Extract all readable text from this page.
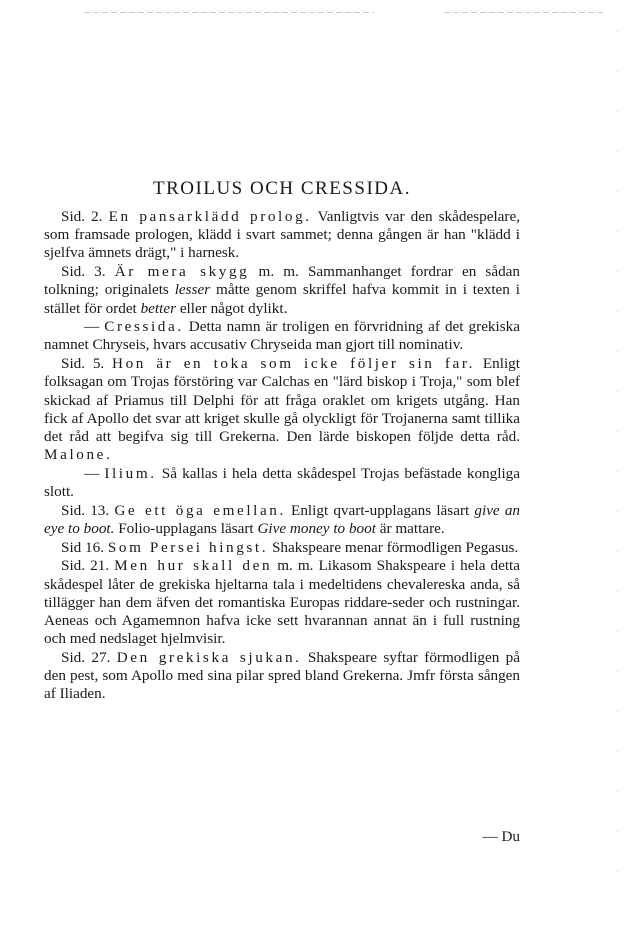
TROILUS OCH CRESSIDA.

Sid. 2. En pansarklädd prolog. Vanligtvis var den skådespelare, som framsade prologen, klädd i svart sammet; denna gången är han "klädd i sjelfva ämnets drägt," i harnesk.

Sid. 3. Är mera skygg m. m. Sammanhanget fordrar en sådan tolkning; originalets lesser måtte genom skriffel hafva kommit in i texten i stället för ordet better eller något dylikt.

— Cressida. Detta namn är troligen en förvridning af det grekiska namnet Chryseis, hvars accusativ Chryseida man gjort till nominativ.

Sid. 5. Hon är en toka som icke följer sin far. Enligt folksagan om Trojas förstöring var Calchas en "lärd biskop i Troja," som blef skickad af Priamus till Delphi för att fråga oraklet om krigets utgång. Han fick af Apollo det svar att kriget skulle gå olyckligt för Trojanerna samt tillika det råd att begifva sig till Grekerna. Den lärde biskopen följde detta råd. Malone.

— Ilium. Så kallas i hela detta skådespel Trojas befästade kongliga slott.

Sid. 13. Ge ett öga emellan. Enligt qvart-upplagans läsart give an eye to boot. Folio-upplagans läsart Give money to boot är mattare.

Sid 16. Som Persei hingst. Shakspeare menar förmodligen Pegasus.

Sid. 21. Men hur skall den m. m. Likasom Shakspeare i hela detta skådespel låter de grekiska hjeltarna tala i medeltidens chevalereska anda, så tillägger han dem äfven det romantiska Europas riddare-seder och rustningar. Aeneas och Agamemnon hafva icke sett hvarannan annat än i full rustning och med nedslaget hjelmvisir.

Sid. 27. Den grekiska sjukan. Shakspeare syftar förmodligen på den pest, som Apollo med sina pilar spred bland Grekerna. Jmfr första sången af Iliaden.

— Du
